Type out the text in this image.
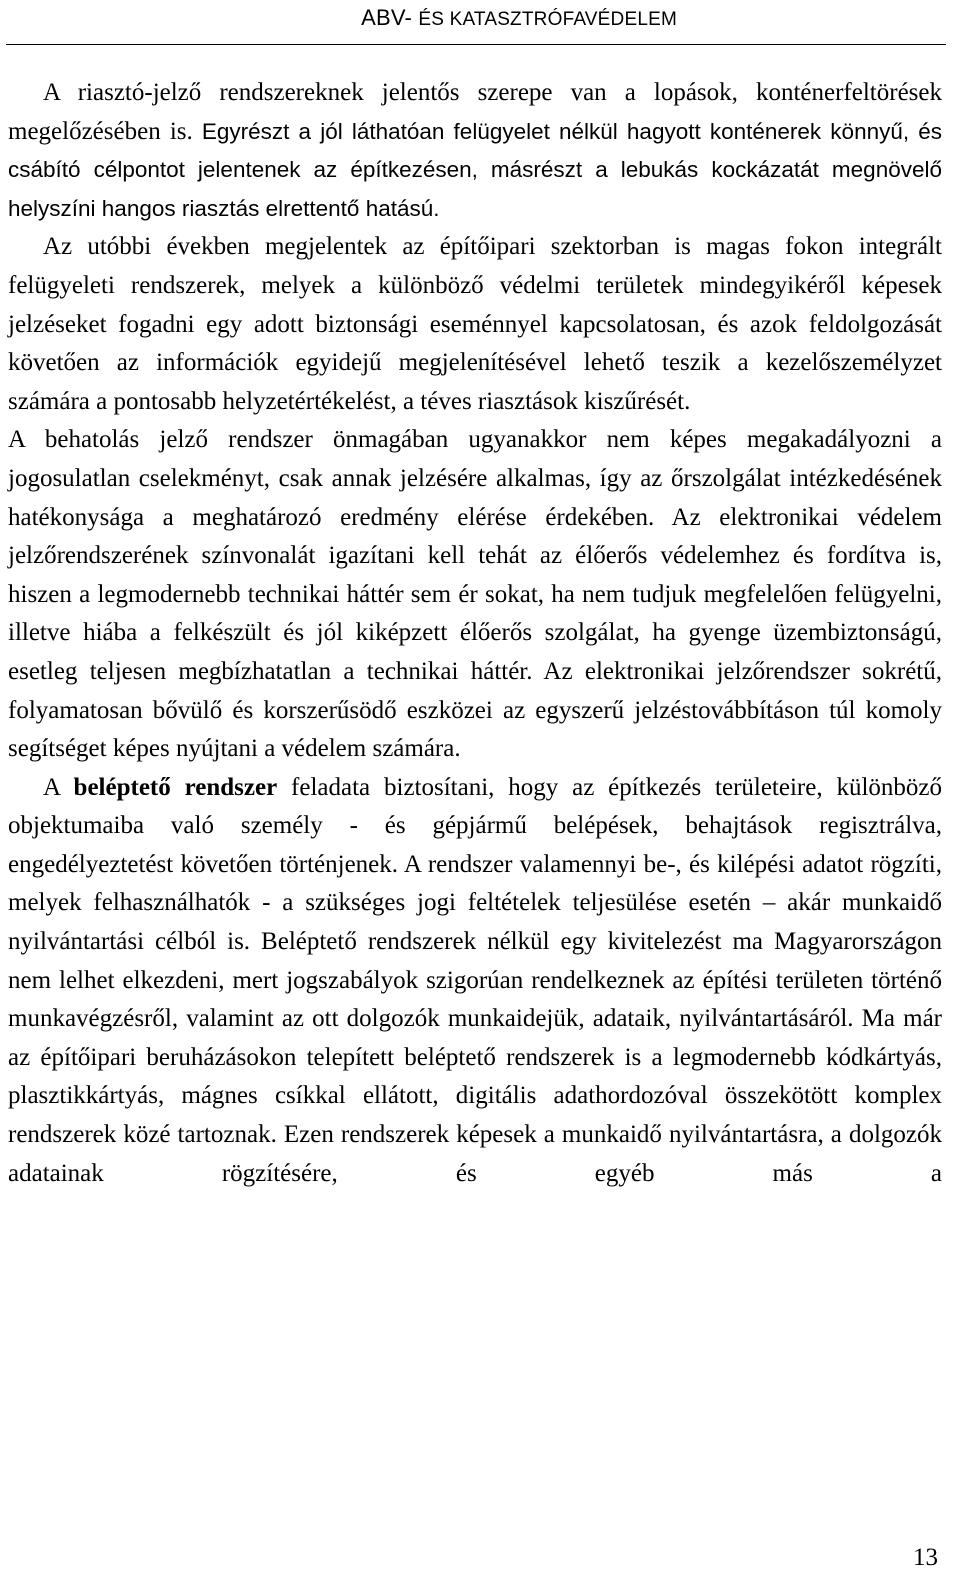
ABV- ÉS KATASZTRÓFAVÉDELEM

A riasztó-jelző rendszereknek jelentős szerepe van a lopások, konténerfeltörések megelőzésében is. Egyrészt a jól láthatóan felügyelet nélkül hagyott konténerek könnyű, és csábító célpontot jelentenek az építkezésen, másrészt a lebukás kockázatát megnövelő helyszíni hangos riasztás elrettentő hatású.

Az utóbbi években megjelentek az építőipari szektorban is magas fokon integrált felügyeleti rendszerek, melyek a különböző védelmi területek mindegyikéről képesek jelzéseket fogadni egy adott biztonsági eseménnyel kapcsolatosan, és azok feldolgozását követően az információk egyidejű megjelenítésével lehető teszik a kezelőszemélyzet számára a pontosabb helyzetértékelést, a téves riasztások kiszűrését.

A behatolás jelző rendszer önmagában ugyanakkor nem képes megakadályozni a jogosulatlan cselekményt, csak annak jelzésére alkalmas, így az őrszolgálat intézkedésének hatékonysága a meghatározó eredmény elérése érdekében. Az elektronikai védelem jelzőrendszerének színvonalát igazítani kell tehát az élőerős védelemhez és fordítva is, hiszen a legmodernebb technikai háttér sem ér sokat, ha nem tudjuk megfelelően felügyelni, illetve hiába a felkészült és jól kiképzett élőerős szolgálat, ha gyenge üzembiztonságú, esetleg teljesen megbízhatatlan a technikai háttér. Az elektronikai jelzőrendszer sokrétű, folyamatosan bővülő és korszerűsödő eszközei az egyszerű jelzéstovábbításon túl komoly segítséget képes nyújtani a védelem számára.

A beléptető rendszer feladata biztosítani, hogy az építkezés területeire, különböző objektumaiba való személy - és gépjármű belépések, behajtások regisztrálva, engedélyeztetést követően történjenek. A rendszer valamennyi be-, és kilépési adatot rögzíti, melyek felhasználhatók - a szükséges jogi feltételek teljesülése esetén – akár munkaidő nyilvántartási célból is. Beléptető rendszerek nélkül egy kivitelezést ma Magyarországon nem lelhet elkezdeni, mert jogszabályok szigorúan rendelkeznek az építési területen történő munkavégzésről, valamint az ott dolgozók munkaidejük, adataik, nyilvántartásáról. Ma már az építőipari beruházásokon telepített beléptető rendszerek is a legmodernebb kódkártyás, plasztikkártyás, mágnes csíkkal ellátott, digitális adathordozóval összekötött komplex rendszerek közé tartoznak. Ezen rendszerek képesek a munkaidő nyilvántartásra, a dolgozók adatainak rögzítésére, és egyéb más a

13
